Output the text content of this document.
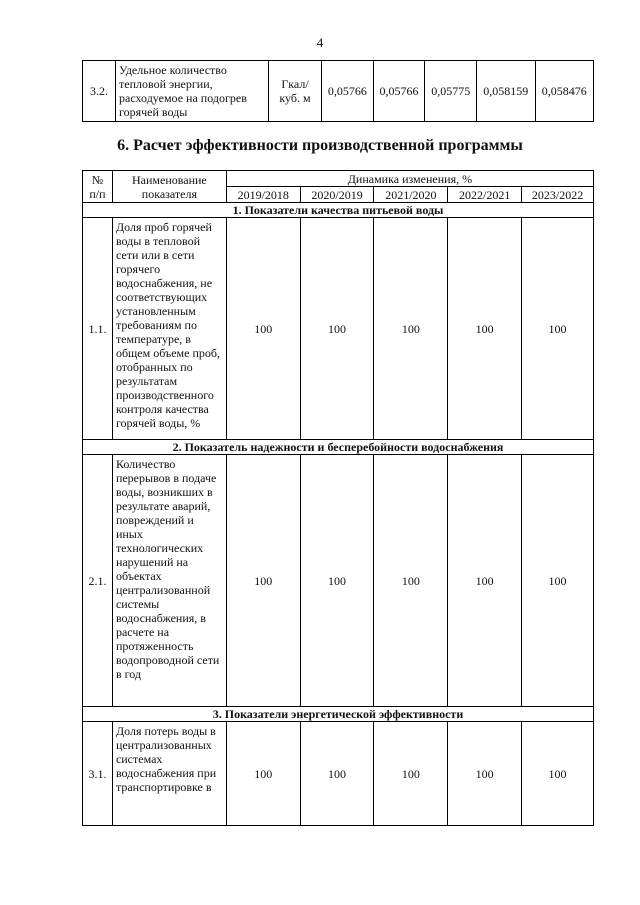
4
3.2.	Удельное количество тепловой энергии, расходуемое на подогрев горячей воды	Гкал/ куб. м	0,05766	0,05766	0,05775	0,058159	0,058476
6. Расчет эффективности производственной программы
№ п/п	Наименование показателя	Динамика изменения, %				
		2019/2018	2020/2019	2021/2020	2022/2021	2023/2022
1. Показатели качества питьевой воды						
1.1.	Доля проб горячей воды в тепловой сети или в сети горячего водоснабжения, не соответствующих установленным требованиям по температуре, в общем объеме проб, отобранных по результатам производственного контроля качества горячей воды, %	100	100	100	100	100
2. Показатель надежности и бесперебойности водоснабжения						
2.1.	Количество перерывов в подаче воды, возникших в результате аварий, повреждений и иных технологических нарушений на объектах централизованной системы водоснабжения, в расчете на протяженность водопроводной сети в год	100	100	100	100	100
3. Показатели энергетической эффективности						
3.1.	Доля потерь воды в централизованных системах водоснабжения при транспортировке в	100	100	100	100	100
